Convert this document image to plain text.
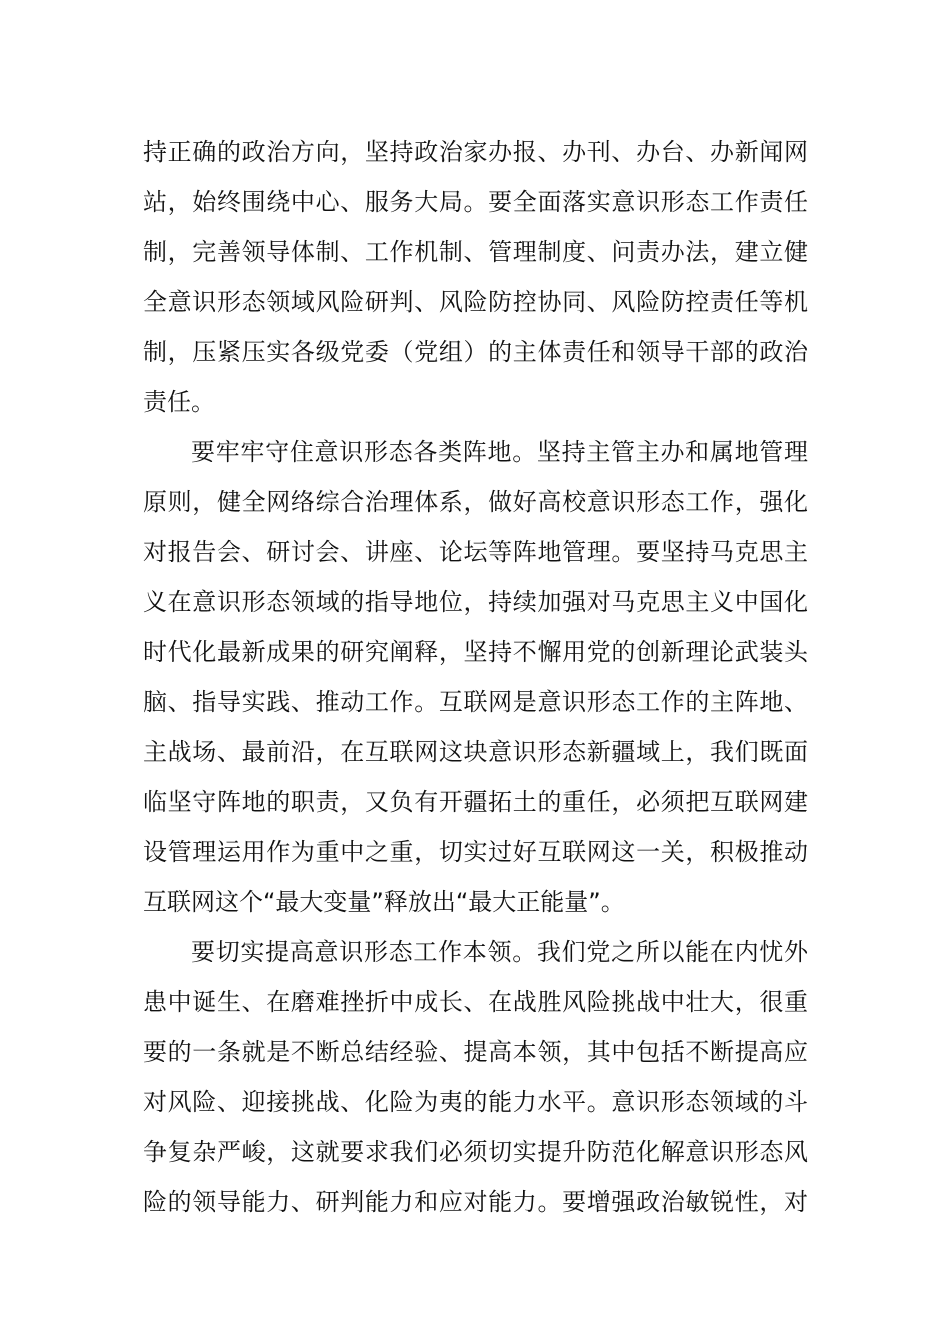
持正确的政治方向，坚持政治家办报、办刊、办台、办新闻网
站，始终围绕中心、服务大局。要全面落实意识形态工作责任
制，完善领导体制、工作机制、管理制度、问责办法，建立健
全意识形态领域风险研判、风险防控协同、风险防控责任等机
制，压紧压实各级党委（党组）的主体责任和领导干部的政治
责任。
要牢牢守住意识形态各类阵地。坚持主管主办和属地管理
原则，健全网络综合治理体系，做好高校意识形态工作，强化
对报告会、研讨会、讲座、论坛等阵地管理。要坚持马克思主
义在意识形态领域的指导地位，持续加强对马克思主义中国化
时代化最新成果的研究阐释，坚持不懈用党的创新理论武装头
脑、指导实践、推动工作。互联网是意识形态工作的主阵地、
主战场、最前沿，在互联网这块意识形态新疆域上，我们既面
临坚守阵地的职责，又负有开疆拓土的重任，必须把互联网建
设管理运用作为重中之重，切实过好互联网这一关，积极推动
互联网这个“最大变量”释放出“最大正能量”。
要切实提高意识形态工作本领。我们党之所以能在内忧外
患中诞生、在磨难挫折中成长、在战胜风险挑战中壮大，很重
要的一条就是不断总结经验、提高本领，其中包括不断提高应
对风险、迎接挑战、化险为夷的能力水平。意识形态领域的斗
争复杂严峻，这就要求我们必须切实提升防范化解意识形态风
险的领导能力、研判能力和应对能力。要增强政治敏锐性，对
